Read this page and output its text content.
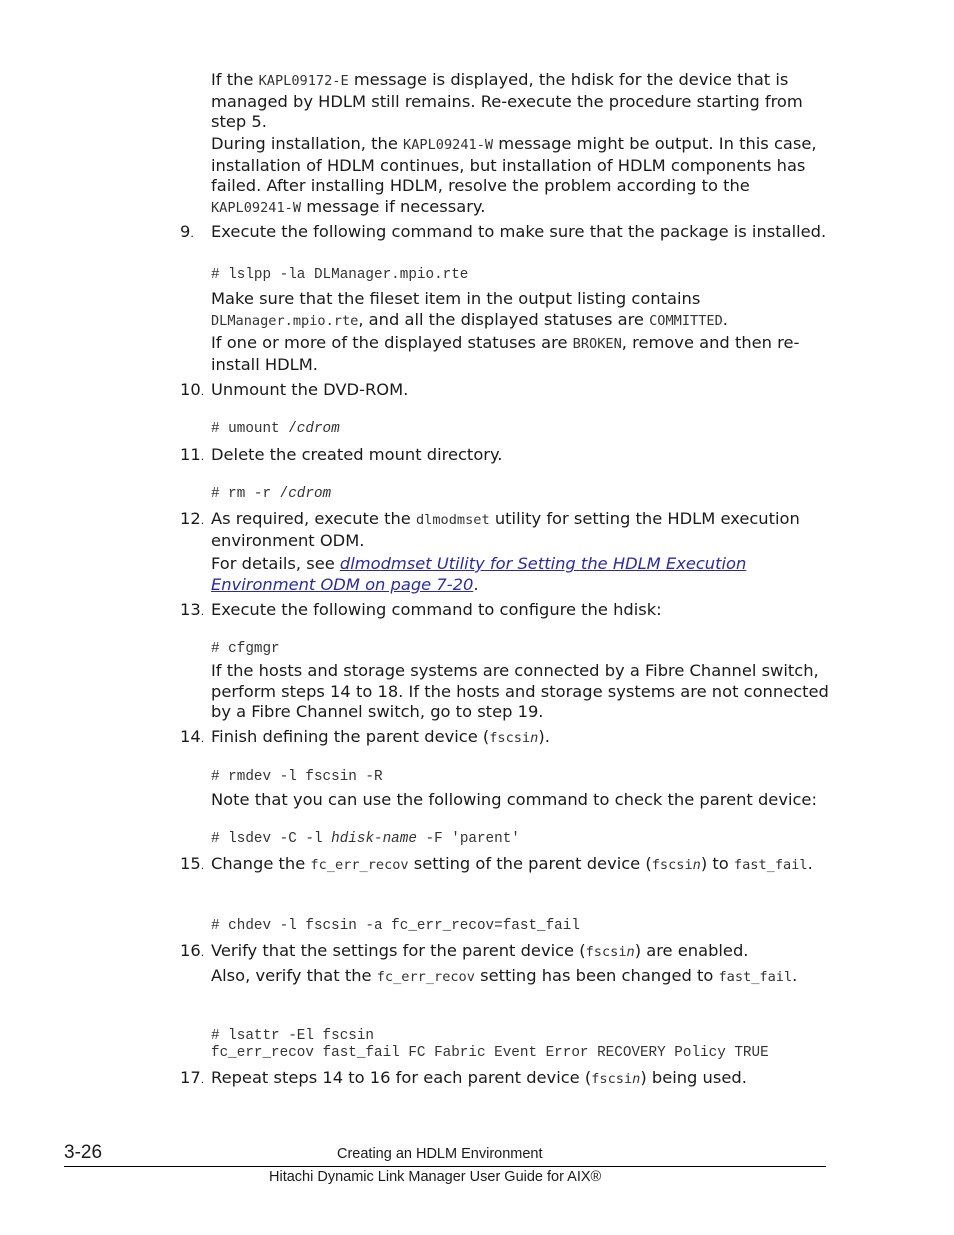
If the KAPL09172-E message is displayed, the hdisk for the device that is managed by HDLM still remains. Re-execute the procedure starting from step 5.
During installation, the KAPL09241-W message might be output. In this case, installation of HDLM continues, but installation of HDLM components has failed. After installing HDLM, resolve the problem according to the KAPL09241-W message if necessary.
9. Execute the following command to make sure that the package is installed.
# lslpp -la DLManager.mpio.rte
Make sure that the fileset item in the output listing contains DLManager.mpio.rte, and all the displayed statuses are COMMITTED.
If one or more of the displayed statuses are BROKEN, remove and then re-install HDLM.
10. Unmount the DVD-ROM.
# umount /cdrom
11. Delete the created mount directory.
# rm -r /cdrom
12. As required, execute the dlmodmset utility for setting the HDLM execution environment ODM.
For details, see dlmodmset Utility for Setting the HDLM Execution Environment ODM on page 7-20.
13. Execute the following command to configure the hdisk:
# cfgmgr
If the hosts and storage systems are connected by a Fibre Channel switch, perform steps 14 to 18. If the hosts and storage systems are not connected by a Fibre Channel switch, go to step 19.
14. Finish defining the parent device (fscsin).
# rmdev -l fscsin -R
Note that you can use the following command to check the parent device:
# lsdev -C -l hdisk-name -F 'parent'
15. Change the fc_err_recov setting of the parent device (fscsin) to fast_fail.
# chdev -l fscsin -a fc_err_recov=fast_fail
16. Verify that the settings for the parent device (fscsin) are enabled.
Also, verify that the fc_err_recov setting has been changed to fast_fail.
# lsattr -El fscsin
fc_err_recov fast_fail FC Fabric Event Error RECOVERY Policy TRUE
17. Repeat steps 14 to 16 for each parent device (fscsin) being used.
3-26	Creating an HDLM Environment
Hitachi Dynamic Link Manager User Guide for AIX®
